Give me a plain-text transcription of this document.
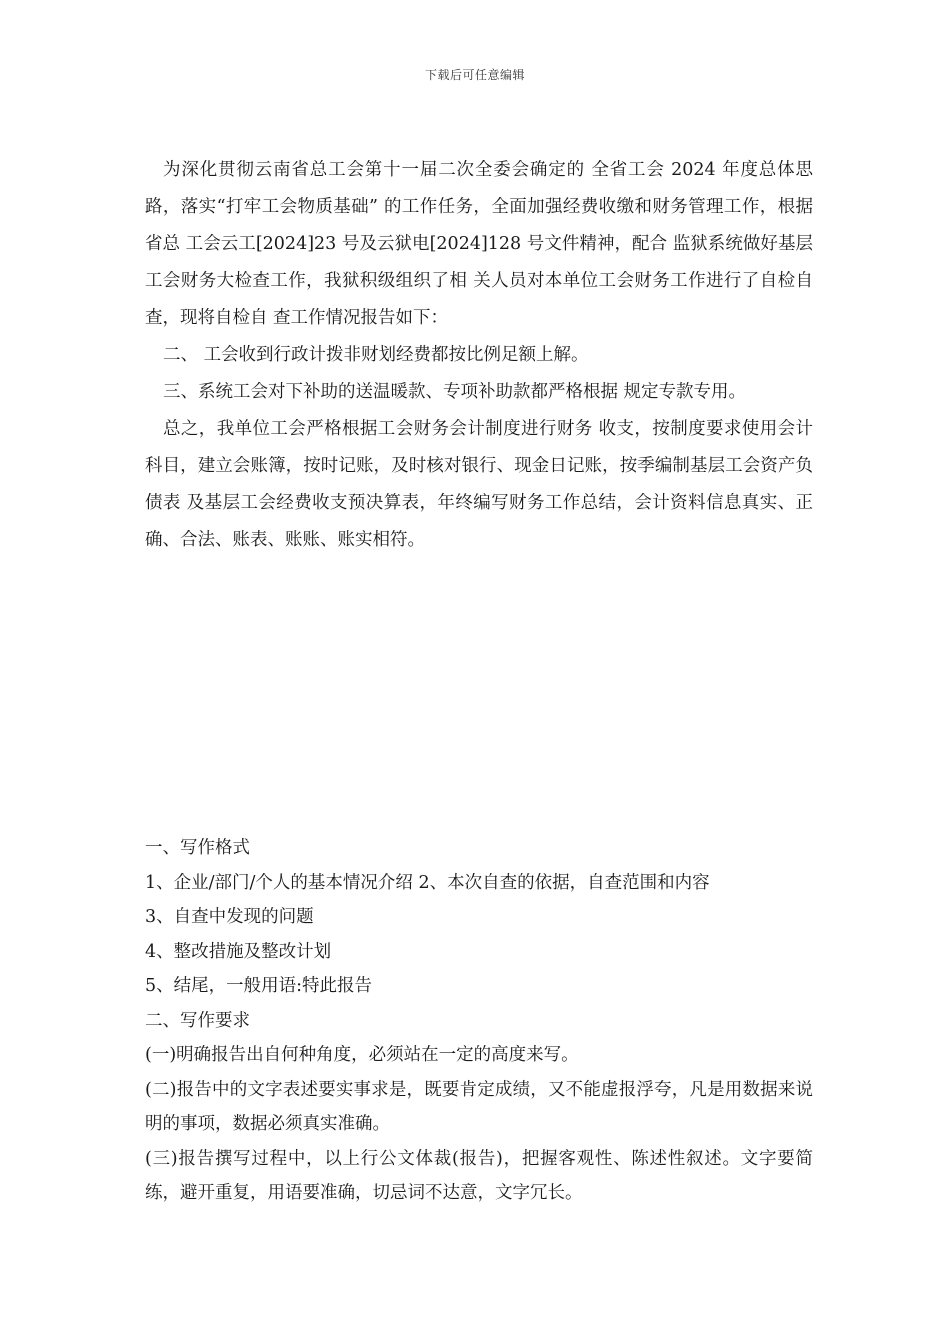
下载后可任意编辑

为深化贯彻云南省总工会第十一届二次全委会确定的 全省工会 2024 年度总体思路，落实“打牢工会物质基础” 的工作任务，全面加强经费收缴和财务管理工作，根据省总 工会云工[2024]23 号及云狱电[2024]128 号文件精神，配合 监狱系统做好基层工会财务大检查工作，我狱积级组织了相 关人员对本单位工会财务工作进行了自检自查，现将自检自 查工作情况报告如下：

二、 工会收到行政计拨非财划经费都按比例足额上解。

三、系统工会对下补助的送温暖款、专项补助款都严格根据 规定专款专用。

总之，我单位工会严格根据工会财务会计制度进行财务 收支，按制度要求使用会计科目，建立会账簿，按时记账，及时核对银行、现金日记账，按季编制基层工会资产负债表 及基层工会经费收支预决算表，年终编写财务工作总结，会计资料信息真实、正确、合法、账表、账账、账实相符。

一、写作格式

1、企业/部门/个人的基本情况介绍 2、本次自查的依据，自查范围和内容

3、自查中发现的问题

4、整改措施及整改计划

5、结尾，一般用语:特此报告

二、写作要求

(一)明确报告出自何种角度，必须站在一定的高度来写。

(二)报告中的文字表述要实事求是，既要肯定成绩，又不能虚报浮夸，凡是用数据来说明的事项，数据必须真实准确。

(三)报告撰写过程中，以上行公文体裁(报告)，把握客观性、陈述性叙述。文字要简练，避开重复，用语要准确，切忌词不达意，文字冗长。
